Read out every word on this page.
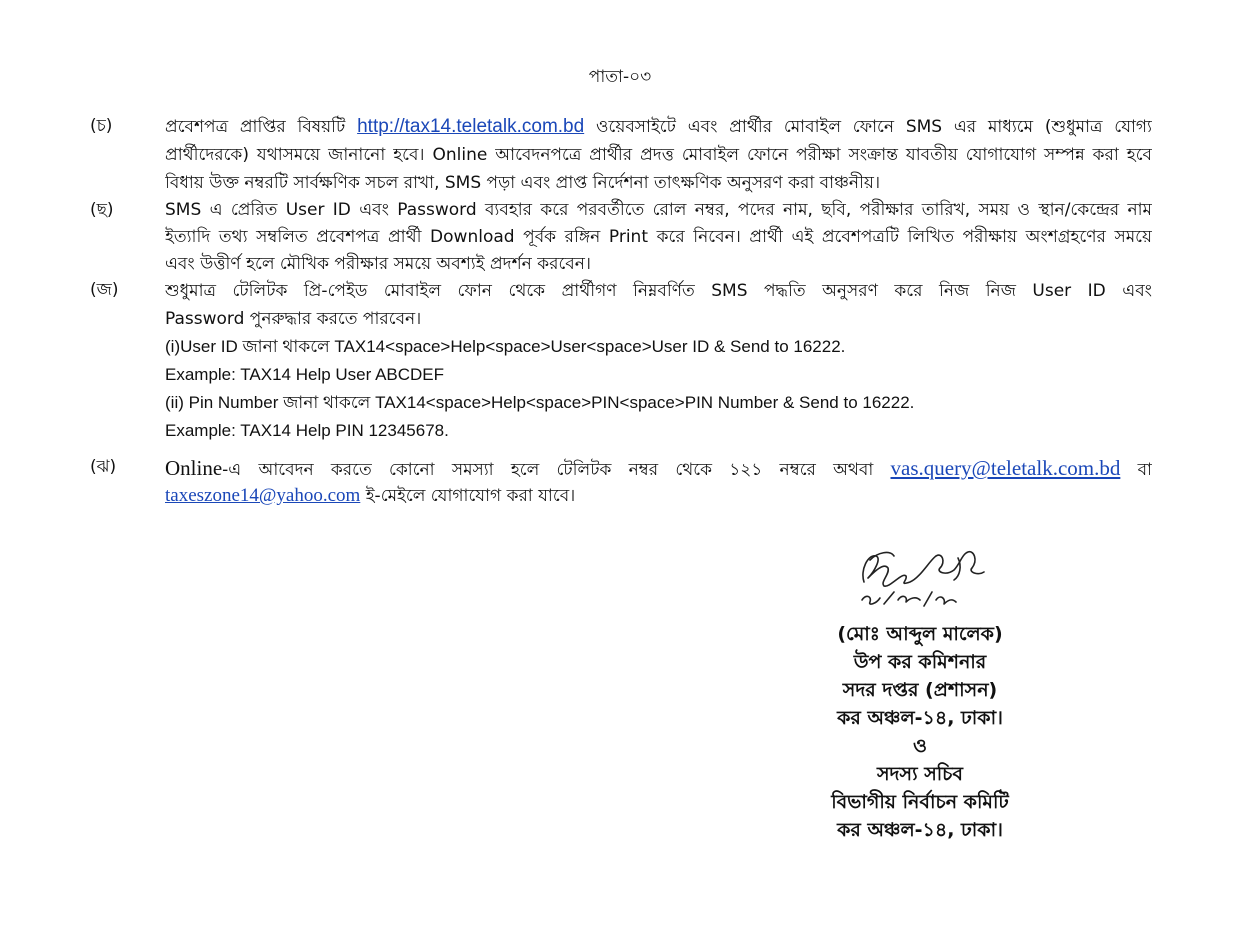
পাতা-০৩
(চ)	প্রবেশপত্র প্রাপ্তির বিষয়টি http://tax14.teletalk.com.bd ওয়েবসাইটে এবং প্রার্থীর মোবাইল ফোনে SMS এর মাধ্যমে (শুধুমাত্র যোগ্য
প্রার্থীদেরকে) যথাসময়ে জানানো হবে। Online আবেদনপত্রে প্রার্থীর প্রদত্ত মোবাইল ফোনে পরীক্ষা সংক্রান্ত যাবতীয় যোগাযোগ সম্পন্ন করা হবে
বিধায় উক্ত নম্বরটি সার্বক্ষণিক সচল রাখা, SMS পড়া এবং প্রাপ্ত নির্দেশনা তাৎক্ষণিক অনুসরণ করা বাঞ্চনীয়।
(ছ)	SMS এ প্রেরিত User ID এবং Password ব্যবহার করে পরবর্তীতে রোল নম্বর, পদের নাম, ছবি, পরীক্ষার তারিখ, সময় ও স্থান/কেন্দ্রের নাম
ইত্যাদি তথ্য সম্বলিত প্রবেশপত্র প্রার্থী Download পূর্বক রঙ্গিন Print করে নিবেন। প্রার্থী এই প্রবেশপত্রটি লিখিত পরীক্ষায় অংশগ্রহণের সময়ে
এবং উত্তীর্ণ হলে মৌখিক পরীক্ষার সময়ে অবশ্যই প্রদর্শন করবেন।
(জ)	শুধুমাত্র টেলিটক প্রি-পেইড মোবাইল ফোন থেকে প্রার্থীগণ নিম্নবর্ণিত SMS পদ্ধতি অনুসরণ করে নিজ নিজ User ID এবং
Password পুনরুদ্ধার করতে পারবেন।
(i)User ID জানা থাকলে TAX14<space>Help<space>User<space>User ID & Send to 16222.
Example: TAX14 Help User ABCDEF
(ii) Pin Number জানা থাকলে TAX14<space>Help<space>PIN<space>PIN Number & Send to 16222.
Example: TAX14 Help PIN 12345678.
(ঝ)	Online-এ আবেদন করতে কোনো সমস্যা হলে টেলিটক নম্বর থেকে ১২১ নম্বরে অথবা vas.query@teletalk.com.bd বা
taxeszone14@yahoo.com ই-মেইলে যোগাযোগ করা যাবে।
(মোঃ আব্দুল মালেক)
উপ কর কমিশনার
সদর দপ্তর (প্রশাসন)
কর অঞ্চল-১৪, ঢাকা।
ও
সদস্য সচিব
বিভাগীয় নির্বাচন কমিটি
কর অঞ্চল-১৪, ঢাকা।
